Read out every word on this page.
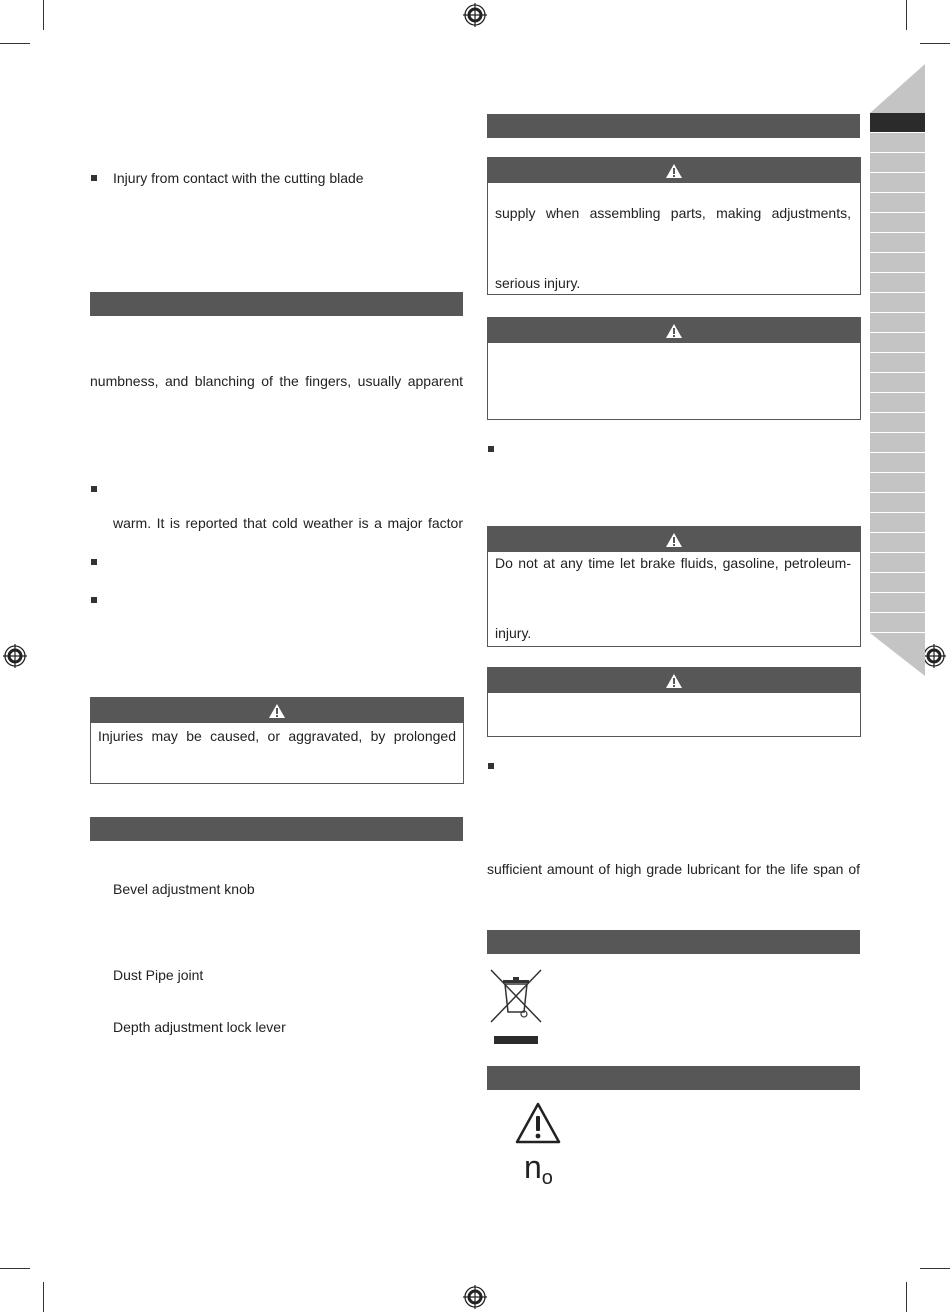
Injury from contact with the cutting blade
numbness, and blanching of the fingers, usually apparent
warm. It is reported that cold weather is a major factor
Injuries may be caused, or aggravated, by prolonged
Bevel adjustment knob
Dust Pipe joint
Depth adjustment lock lever
supply when assembling parts, making adjustments,
serious injury.
Do not at any time let brake fluids, gasoline, petroleum-
injury.
sufficient amount of high grade lubricant for the life span of
no
